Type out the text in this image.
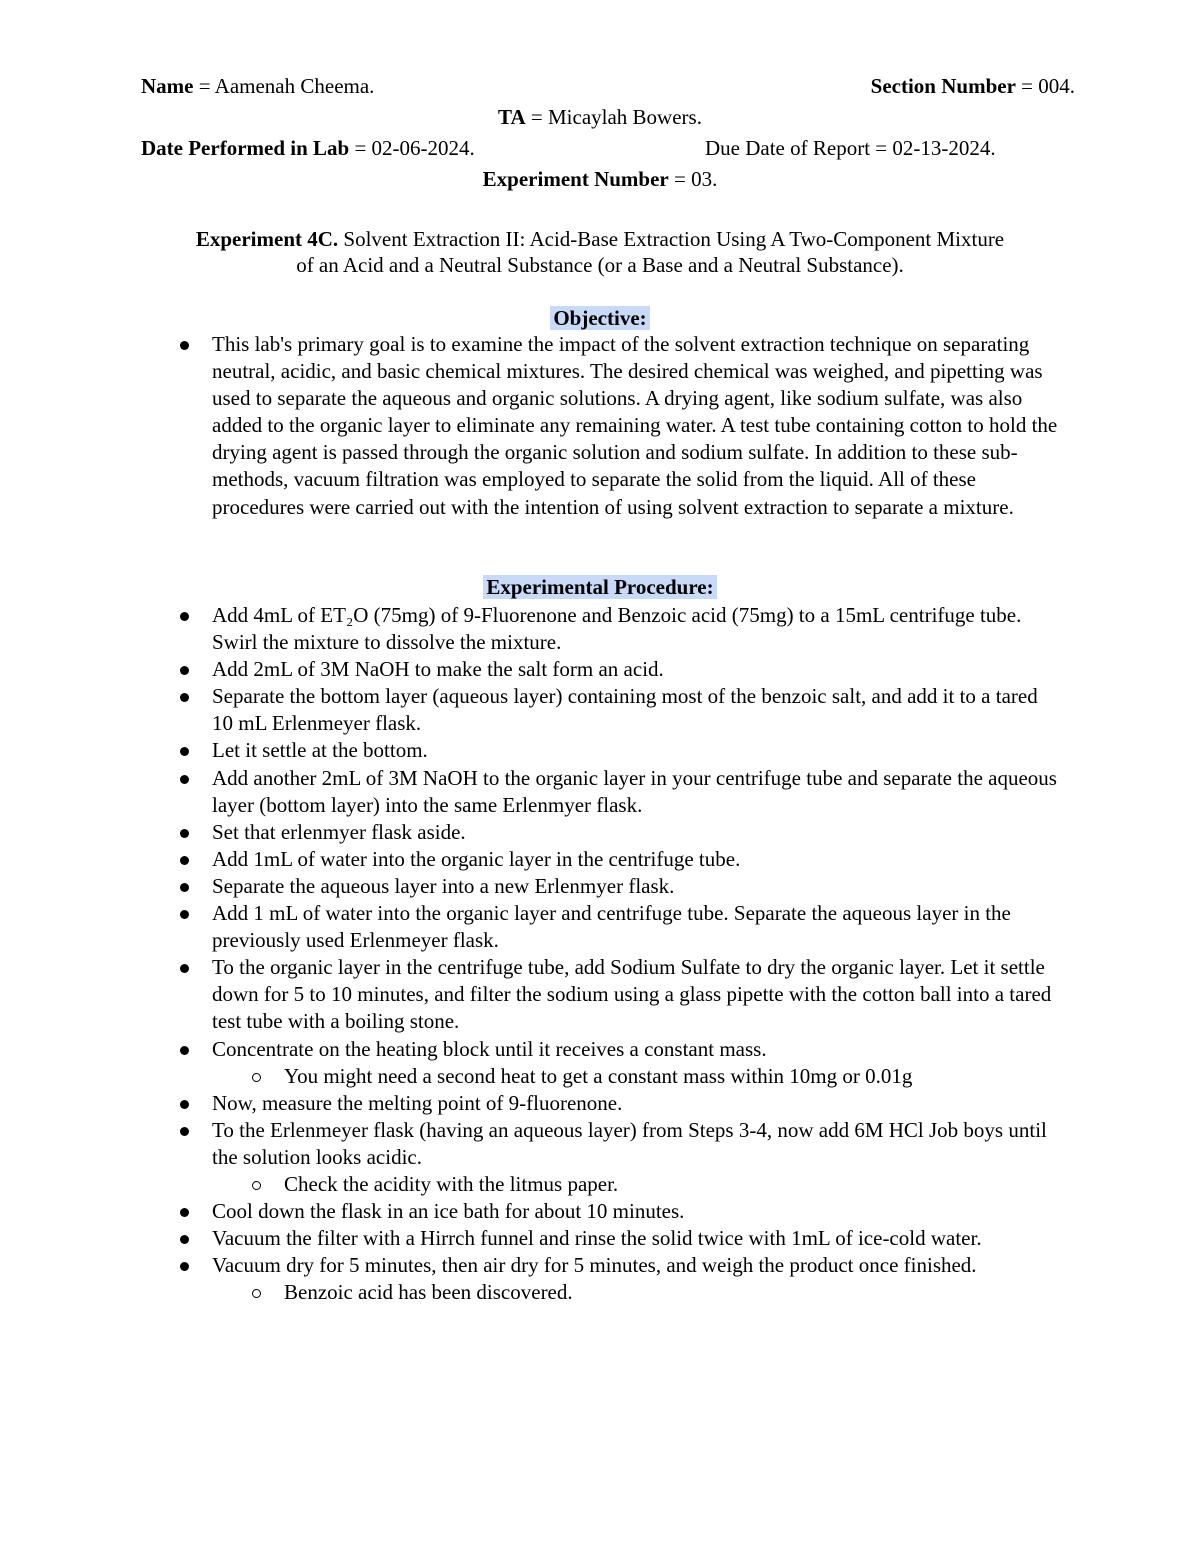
Name = Aamenah Cheema.	Section Number = 004.
TA = Micaylah Bowers.
Date Performed in Lab = 02-06-2024.	Due Date of Report = 02-13-2024.
Experiment Number = 03.
Experiment 4C. Solvent Extraction II: Acid-Base Extraction Using A Two-Component Mixture
of an Acid and a Neutral Substance (or a Base and a Neutral Substance).
Objective:
This lab's primary goal is to examine the impact of the solvent extraction technique on separating neutral, acidic, and basic chemical mixtures. The desired chemical was weighed, and pipetting was used to separate the aqueous and organic solutions. A drying agent, like sodium sulfate, was also added to the organic layer to eliminate any remaining water. A test tube containing cotton to hold the drying agent is passed through the organic solution and sodium sulfate. In addition to these sub-methods, vacuum filtration was employed to separate the solid from the liquid. All of these procedures were carried out with the intention of using solvent extraction to separate a mixture.
Experimental Procedure:
Add 4mL of ET₂O (75mg) of 9-Fluorenone and Benzoic acid (75mg) to a 15mL centrifuge tube. Swirl the mixture to dissolve the mixture.
Add 2mL of 3M NaOH to make the salt form an acid.
Separate the bottom layer (aqueous layer) containing most of the benzoic salt, and add it to a tared 10 mL Erlenmeyer flask.
Let it settle at the bottom.
Add another 2mL of 3M NaOH to the organic layer in your centrifuge tube and separate the aqueous layer (bottom layer) into the same Erlenmyer flask.
Set that erlenmyer flask aside.
Add 1mL of water into the organic layer in the centrifuge tube.
Separate the aqueous layer into a new Erlenmyer flask.
Add 1 mL of water into the organic layer and centrifuge tube. Separate the aqueous layer in the previously used Erlenmeyer flask.
To the organic layer in the centrifuge tube, add Sodium Sulfate to dry the organic layer. Let it settle down for 5 to 10 minutes, and filter the sodium using a glass pipette with the cotton ball into a tared test tube with a boiling stone.
Concentrate on the heating block until it receives a constant mass.
You might need a second heat to get a constant mass within 10mg or 0.01g
Now, measure the melting point of 9-fluorenone.
To the Erlenmeyer flask (having an aqueous layer) from Steps 3-4, now add 6M HCl Job boys until the solution looks acidic.
Check the acidity with the litmus paper.
Cool down the flask in an ice bath for about 10 minutes.
Vacuum the filter with a Hirrch funnel and rinse the solid twice with 1mL of ice-cold water.
Vacuum dry for 5 minutes, then air dry for 5 minutes, and weigh the product once finished.
Benzoic acid has been discovered.
